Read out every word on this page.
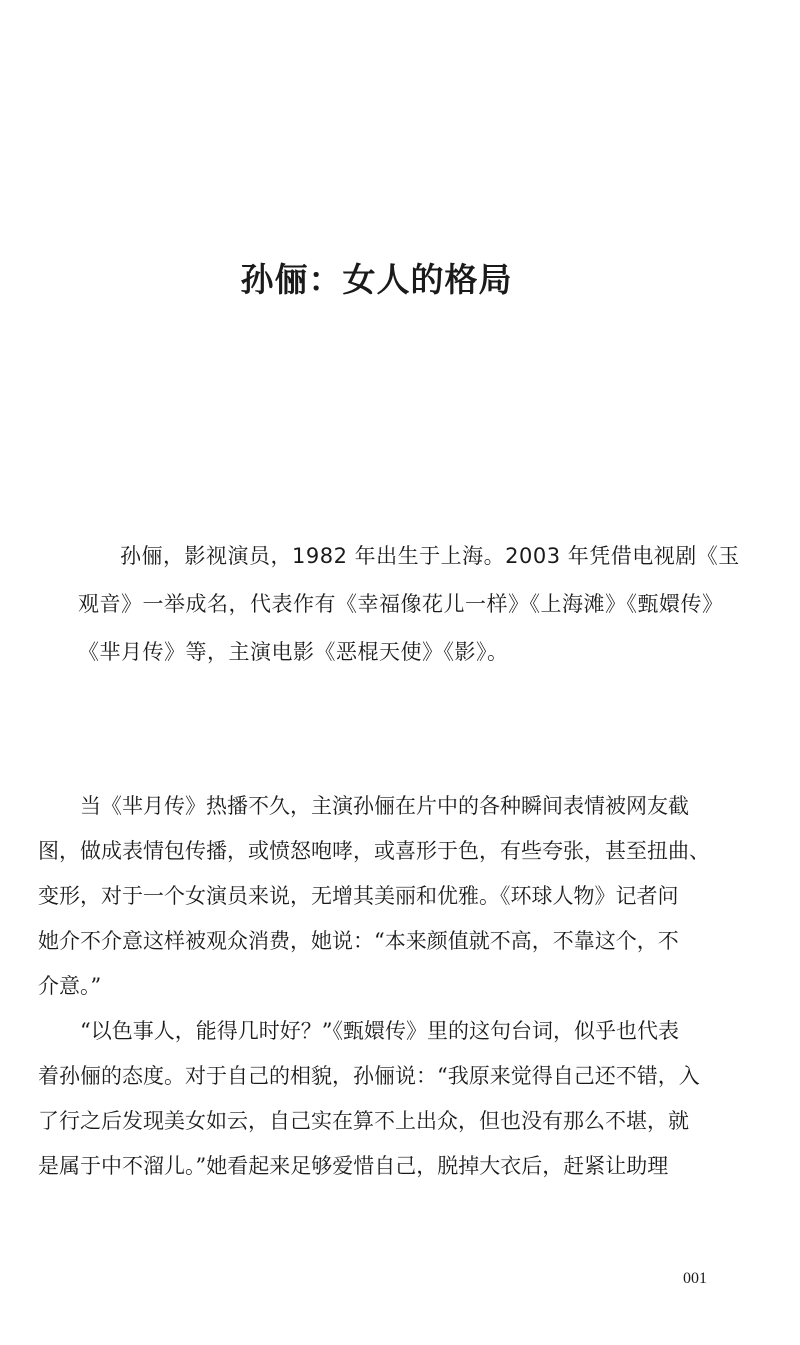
孙俪：女人的格局
孙俪，影视演员，1982 年出生于上海。2003 年凭借电视剧《玉
观音》一举成名，代表作有《幸福像花儿一样》《上海滩》《甄嬛传》
《芈月传》等，主演电影《恶棍天使》《影》。

当《芈月传》热播不久，主演孙俪在片中的各种瞬间表情被网友截
图，做成表情包传播，或愤怒咆哮，或喜形于色，有些夸张，甚至扭曲、
变形，对于一个女演员来说，无增其美丽和优雅。《环球人物》记者问
她介不介意这样被观众消费，她说：“本来颜值就不高，不靠这个，不
介意。”

“以色事人，能得几时好？”《甄嬛传》里的这句台词，似乎也代表
着孙俪的态度。对于自己的相貌，孙俪说：“我原来觉得自己还不错，入
了行之后发现美女如云，自己实在算不上出众，但也没有那么不堪，就
是属于中不溜儿。”她看起来足够爱惜自己，脱掉大衣后，赶紧让助理

001
